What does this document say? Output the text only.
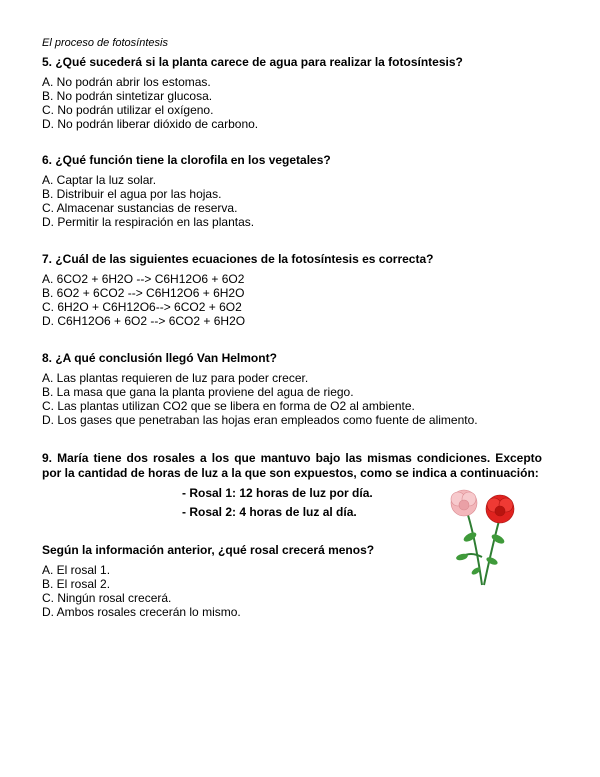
El proceso de fotosíntesis

5. ¿Qué sucederá si la planta carece de agua para realizar la fotosíntesis?

A. No podrán abrir los estomas.
B. No podrán sintetizar glucosa.
C. No podrán utilizar el oxígeno.
D. No podrán liberar dióxido de carbono.

6. ¿Qué función tiene la clorofila en los vegetales?

A. Captar la luz solar.
B. Distribuir el agua por las hojas.
C. Almacenar sustancias de reserva.
D. Permitir la respiración en las plantas.

7. ¿Cuál de las siguientes ecuaciones de la fotosíntesis es correcta?

A. 6CO2 + 6H2O --> C6H12O6 + 6O2
B. 6O2 + 6CO2 --> C6H12O6 + 6H2O
C. 6H2O + C6H12O6--> 6CO2 + 6O2
D. C6H12O6 + 6O2 --> 6CO2 + 6H2O

8. ¿A qué conclusión llegó Van Helmont?

A. Las plantas requieren de luz para poder crecer.
B. La masa que gana la planta proviene del agua de riego.
C. Las plantas utilizan CO2 que se libera en forma de O2 al ambiente.
D. Los gases que penetraban las hojas eran empleados como fuente de alimento.

9. María tiene dos rosales a los que mantuvo bajo las mismas condiciones. Excepto por la cantidad de horas de luz a la que son expuestos, como se indica a continuación:

- Rosal 1: 12 horas de luz por día.
- Rosal 2: 4 horas de luz al día.

Según la información anterior, ¿qué rosal crecerá menos?

A. El rosal 1.
B. El rosal 2.
C. Ningún rosal crecerá.
D. Ambos rosales crecerán lo mismo.
